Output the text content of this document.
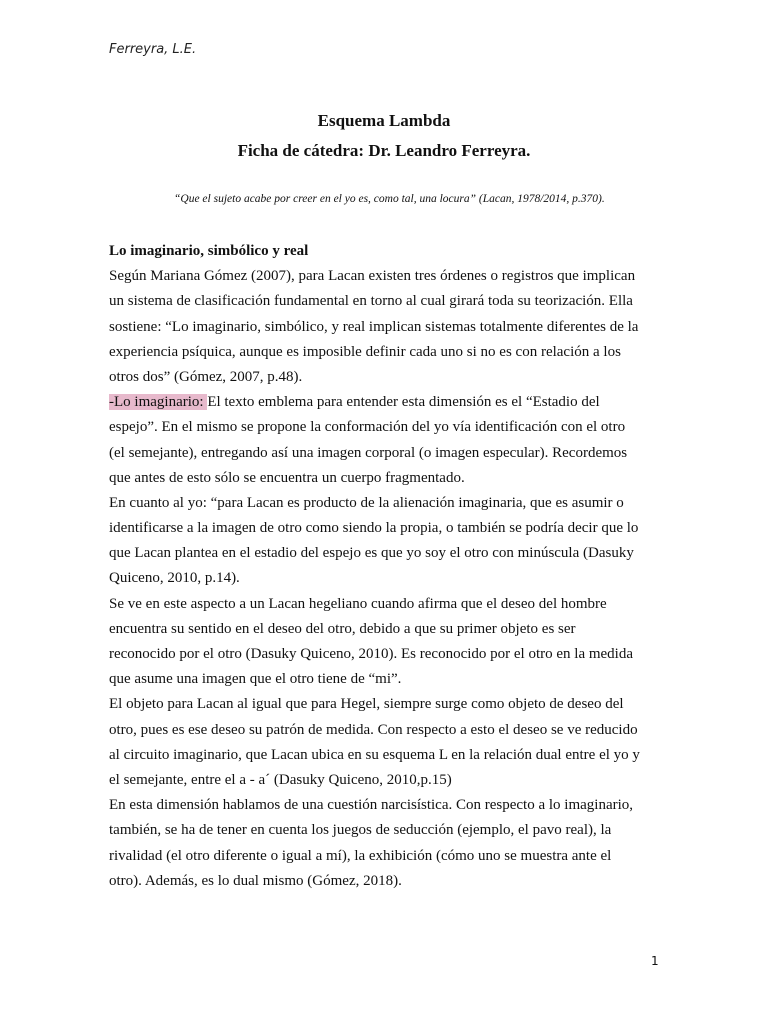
Ferreyra, L.E.
Esquema Lambda
Ficha de cátedra: Dr. Leandro Ferreyra.
“Que el sujeto acabe por creer en el yo es, como tal, una locura” (Lacan, 1978/2014, p.370).
Lo imaginario, simbólico y real
Según Mariana Gómez (2007), para Lacan existen tres órdenes o registros que implican
un sistema de clasificación fundamental en torno al cual girará toda su teorización. Ella
sostiene: “Lo imaginario, simbólico, y real implican sistemas totalmente diferentes de la
experiencia psíquica, aunque es imposible definir cada uno si no es con relación a los
otros dos” (Gómez, 2007, p.48).
-Lo imaginario: El texto emblema para entender esta dimensión es el “Estadio del
espejo”. En el mismo se propone la conformación del yo vía identificación con el otro
(el semejante), entregando así una imagen corporal (o imagen especular). Recordemos
que antes de esto sólo se encuentra un cuerpo fragmentado.
En cuanto al yo: “para Lacan es producto de la alienación imaginaria, que es asumir o
identificarse a la imagen de otro como siendo la propia, o también se podría decir que lo
que Lacan plantea en el estadio del espejo es que yo soy el otro con minúscula (Dasuky
Quiceno, 2010, p.14).
Se ve en este aspecto a un Lacan hegeliano cuando afirma que el deseo del hombre
encuentra su sentido en el deseo del otro, debido a que su primer objeto es ser
reconocido por el otro (Dasuky Quiceno, 2010). Es reconocido por el otro en la medida
que asume una imagen que el otro tiene de “mi”.
El objeto para Lacan al igual que para Hegel, siempre surge como objeto de deseo del
otro, pues es ese deseo su patrón de medida. Con respecto a esto el deseo se ve reducido
al circuito imaginario, que Lacan ubica en su esquema L en la relación dual entre el yo y
el semejante, entre el a - a´ (Dasuky Quiceno, 2010,p.15)
En esta dimensión hablamos de una cuestión narcisística. Con respecto a lo imaginario,
también, se ha de tener en cuenta los juegos de seducción (ejemplo, el pavo real), la
rivalidad (el otro diferente o igual a mí), la exhibición (cómo uno se muestra ante el
otro). Además, es lo dual mismo (Gómez, 2018).
1
